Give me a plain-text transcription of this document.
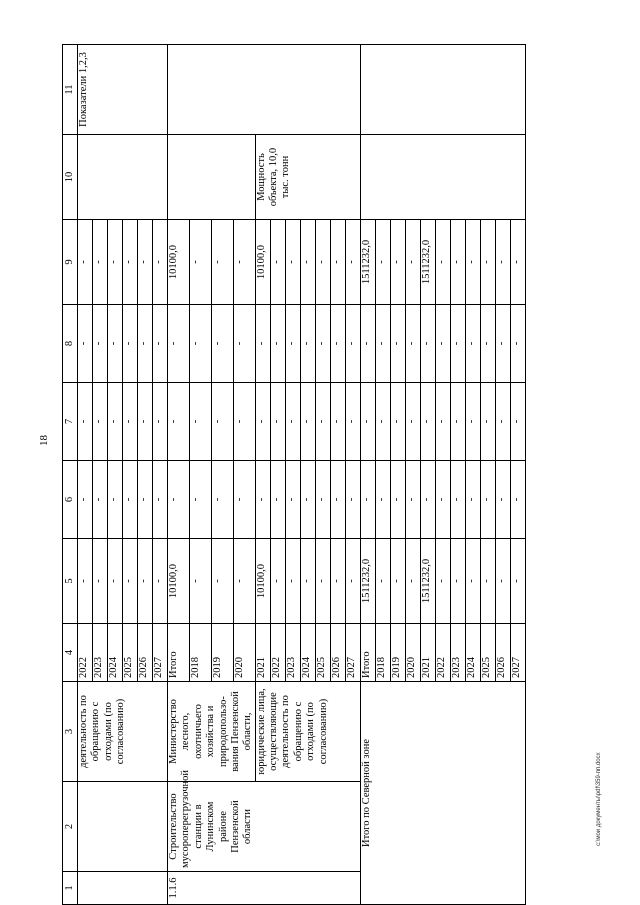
18
1	2	3	4	5	6	7	8	9	10	11
		деятельность по обращению с отходами (по согласованию)	2022	-	-	-	-	-		Показатели 1,2,3
			2023	-	-	-	-	-		
			2024	-	-	-	-	-		
			2025	-	-	-	-	-		
			2026	-	-	-	-	-		
			2027	-	-	-	-	-		
1.1.6	Строительство мусороперегрузочной станции в Лунинском районе Пензенской области	Министерство лесного, охотничьего хозяйства и природопользо-вания Пензенской области,	Итого	10100,0	-	-	-	10100,0		
			2018	-	-	-	-	-		
			2019	-	-	-	-	-		
			2020	-	-	-	-	-		
		юридические лица, осуществляющие деятельность по обращению с отходами (по согласованию)	2021	10100,0	-	-	-	10100,0	Мощность объекта, 10,0 тыс. тонн	
			2022	-	-	-	-	-		
			2023	-	-	-	-	-		
			2024	-	-	-	-	-		
			2025	-	-	-	-	-		
			2026	-	-	-	-	-		
			2027	-	-	-	-	-		
Итого по Северной зоне			Итого	1511232,0	-	-	-	1511232,0		
			2018	-	-	-	-	-		
			2019	-	-	-	-	-		
			2020	-	-	-	-	-		
			2021	1511232,0	-	-	-	1511232,0		
			2022	-	-	-	-	-		
			2023	-	-	-	-	-		
			2024	-	-	-	-	-		
			2025	-	-	-	-	-		
			2026	-	-	-	-	-		
			2027	-	-	-	-	-		
c:\мои документы\pdf\359-пп.docx
